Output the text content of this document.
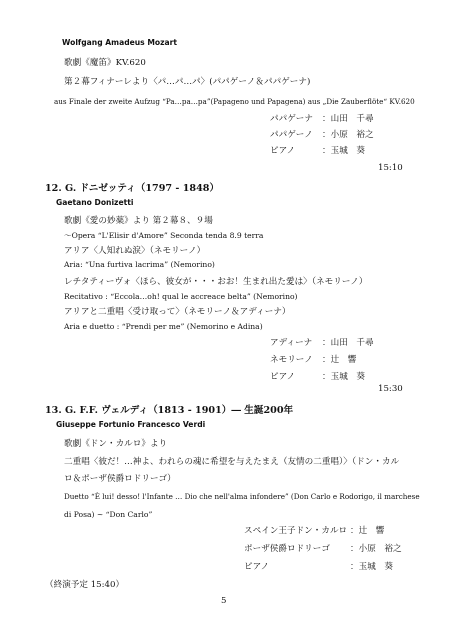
Wolfgang Amadeus Mozart
歌劇《魔笛》KV.620
第２幕フィナーレより〈パ…パ…パ〉(パパゲーノ＆パパゲーナ)
aus Finale der zweite Aufzug “Pa…pa…pa”(Papageno und Papagena) aus „Die Zauberflöte“ KV.620
パパゲーナ ：山田　千尋
パパゲーノ ：小原　裕之
ピアノ	：玉城　葵
15:10
12. G. ドニゼッティ（1797 - 1848）
Gaetano Donizetti
歌劇《愛の妙薬》より 第２幕８、９場
～Opera “L'Elisir d'Amore” Seconda tenda 8.9 terra
アリア〈人知れぬ涙〉（ネモリーノ）
Aria: “Una furtiva lacrima” (Nemorino)
レチタティーヴォ〈ほら、彼女が・・・おお！生まれ出た愛は〉（ネモリーノ）
Recitativo : “Eccola…oh! qual le accreace belta” (Nemorino)
アリアと二重唱〈受け取って〉（ネモリーノ＆アディーナ）
Aria e duetto : “Prendi per me” (Nemorino e Adina)
アディーナ ：山田　千尋
ネモリーノ ：辻　響
ピアノ	：玉城　葵
15:30
13. G. F.F. ヴェルディ（1813 - 1901）― 生誕200年
Giuseppe Fortunio Francesco Verdi
歌劇《ドン・カルロ》より
二重唱〈彼だ！…神よ、われらの魂に希望を与えたまえ（友情の二重唱）〉（ドン・カル
ロ＆ポーザ侯爵ロドリーゴ）
Duetto “È lui! desso! l'Infante … Dio che nell'alma infondere” (Don Carlo e Rodorigo, il marchese
di Posa) ~ “Don Carlo”
スペイン王子ドン・カルロ ：辻　響
ポーザ侯爵ロドリーゴ ：小原　裕之
ピアノ	：玉城　葵
（終演予定 15:40）
5
